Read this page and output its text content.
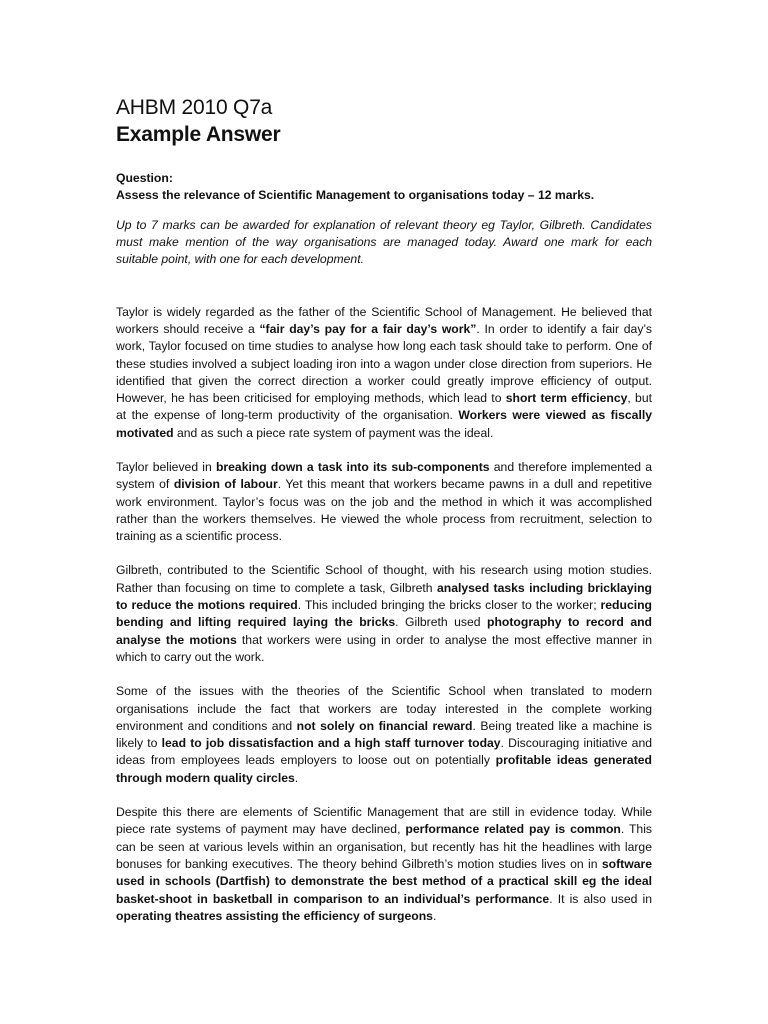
AHBM 2010 Q7a
Example Answer
Question:
Assess the relevance of Scientific Management to organisations today – 12 marks.

Up to 7 marks can be awarded for explanation of relevant theory eg Taylor, Gilbreth. Candidates must make mention of the way organisations are managed today. Award one mark for each suitable point, with one for each development.

Taylor is widely regarded as the father of the Scientific School of Management. He believed that workers should receive a “fair day’s pay for a fair day’s work”. In order to identify a fair day’s work, Taylor focused on time studies to analyse how long each task should take to perform. One of these studies involved a subject loading iron into a wagon under close direction from superiors. He identified that given the correct direction a worker could greatly improve efficiency of output. However, he has been criticised for employing methods, which lead to short term efficiency, but at the expense of long-term productivity of the organisation. Workers were viewed as fiscally motivated and as such a piece rate system of payment was the ideal.

Taylor believed in breaking down a task into its sub-components and therefore implemented a system of division of labour. Yet this meant that workers became pawns in a dull and repetitive work environment. Taylor’s focus was on the job and the method in which it was accomplished rather than the workers themselves. He viewed the whole process from recruitment, selection to training as a scientific process.

Gilbreth, contributed to the Scientific School of thought, with his research using motion studies. Rather than focusing on time to complete a task, Gilbreth analysed tasks including bricklaying to reduce the motions required. This included bringing the bricks closer to the worker; reducing bending and lifting required laying the bricks. Gilbreth used photography to record and analyse the motions that workers were using in order to analyse the most effective manner in which to carry out the work.

Some of the issues with the theories of the Scientific School when translated to modern organisations include the fact that workers are today interested in the complete working environment and conditions and not solely on financial reward. Being treated like a machine is likely to lead to job dissatisfaction and a high staff turnover today. Discouraging initiative and ideas from employees leads employers to loose out on potentially profitable ideas generated through modern quality circles.

Despite this there are elements of Scientific Management that are still in evidence today. While piece rate systems of payment may have declined, performance related pay is common. This can be seen at various levels within an organisation, but recently has hit the headlines with large bonuses for banking executives. The theory behind Gilbreth’s motion studies lives on in software used in schools (Dartfish) to demonstrate the best method of a practical skill eg the ideal basket-shoot in basketball in comparison to an individual’s performance. It is also used in operating theatres assisting the efficiency of surgeons.
